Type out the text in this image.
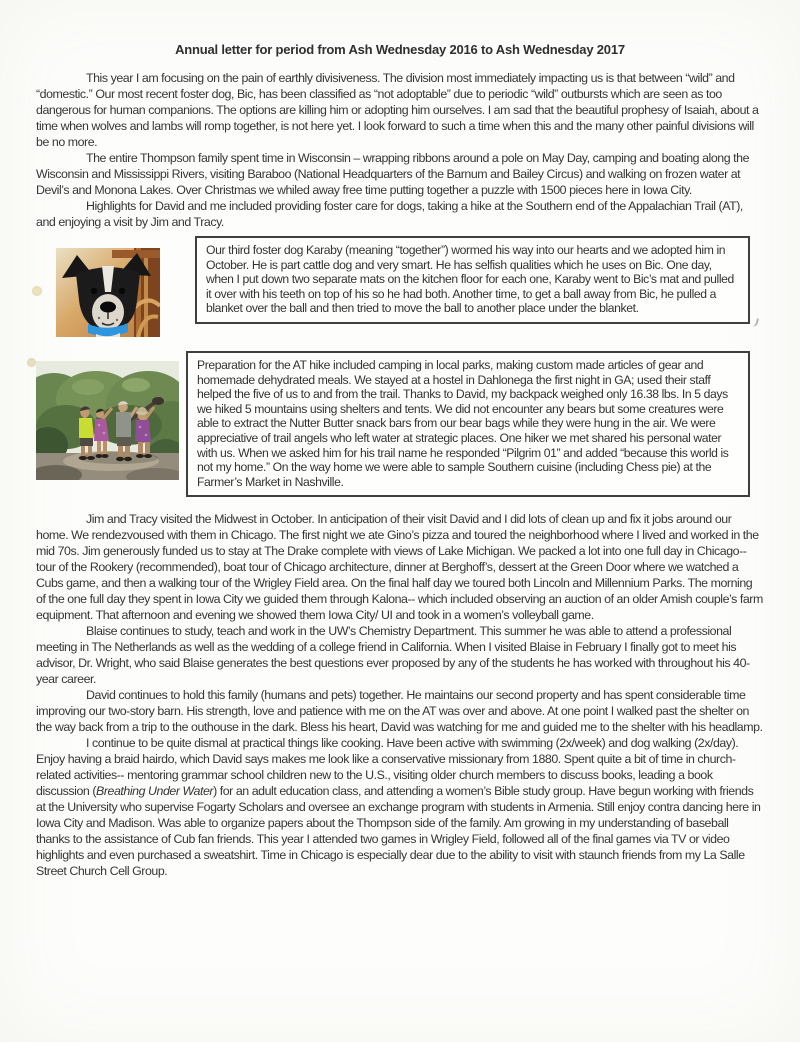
Annual letter for period from Ash Wednesday 2016 to Ash Wednesday 2017

This year I am focusing on the pain of earthly divisiveness. The division most immediately impacting us is that between “wild” and “domestic.” Our most recent foster dog, Bic, has been classified as “not adoptable” due to periodic “wild” outbursts which are seen as too dangerous for human companions. The options are killing him or adopting him ourselves. I am sad that the beautiful prophesy of Isaiah, about a time when wolves and lambs will romp together, is not here yet. I look forward to such a time when this and the many other painful divisions will be no more.

The entire Thompson family spent time in Wisconsin – wrapping ribbons around a pole on May Day, camping and boating along the Wisconsin and Mississippi Rivers, visiting Baraboo (National Headquarters of the Barnum and Bailey Circus) and walking on frozen water at Devil’s and Monona Lakes. Over Christmas we whiled away free time putting together a puzzle with 1500 pieces here in Iowa City.

Highlights for David and me included providing foster care for dogs, taking a hike at the Southern end of the Appalachian Trail (AT), and enjoying a visit by Jim and Tracy.

Our third foster dog Karaby (meaning “together”) wormed his way into our hearts and we adopted him in October. He is part cattle dog and very smart. He has selfish qualities which he uses on Bic. One day, when I put down two separate mats on the kitchen floor for each one, Karaby went to Bic’s mat and pulled it over with his teeth on top of his so he had both. Another time, to get a ball away from Bic, he pulled a blanket over the ball and then tried to move the ball to another place under the blanket.

Preparation for the AT hike included camping in local parks, making custom made articles of gear and homemade dehydrated meals. We stayed at a hostel in Dahlonega the first night in GA; used their staff helped the five of us to and from the trail. Thanks to David, my backpack weighed only 16.38 lbs. In 5 days we hiked 5 mountains using shelters and tents. We did not encounter any bears but some creatures were able to extract the Nutter Butter snack bars from our bear bags while they were hung in the air. We were appreciative of trail angels who left water at strategic places. One hiker we met shared his personal water with us. When we asked him for his trail name he responded “Pilgrim 01” and added “because this world is not my home.” On the way home we were able to sample Southern cuisine (including Chess pie) at the Farmer’s Market in Nashville.

Jim and Tracy visited the Midwest in October. In anticipation of their visit David and I did lots of clean up and fix it jobs around our home. We rendezvoused with them in Chicago. The first night we ate Gino’s pizza and toured the neighborhood where I lived and worked in the mid 70s. Jim generously funded us to stay at The Drake complete with views of Lake Michigan. We packed a lot into one full day in Chicago-- tour of the Rookery (recommended), boat tour of Chicago architecture, dinner at Berghoff’s, dessert at the Green Door where we watched a Cubs game, and then a walking tour of the Wrigley Field area. On the final half day we toured both Lincoln and Millennium Parks. The morning of the one full day they spent in Iowa City we guided them through Kalona-- which included observing an auction of an older Amish couple’s farm equipment. That afternoon and evening we showed them Iowa City/ UI and took in a women’s volleyball game.

Blaise continues to study, teach and work in the UW’s Chemistry Department. This summer he was able to attend a professional meeting in The Netherlands as well as the wedding of a college friend in California. When I visited Blaise in February I finally got to meet his advisor, Dr. Wright, who said Blaise generates the best questions ever proposed by any of the students he has worked with throughout his 40-year career.

David continues to hold this family (humans and pets) together. He maintains our second property and has spent considerable time improving our two-story barn. His strength, love and patience with me on the AT was over and above. At one point I walked past the shelter on the way back from a trip to the outhouse in the dark. Bless his heart, David was watching for me and guided me to the shelter with his headlamp.

I continue to be quite dismal at practical things like cooking. Have been active with swimming (2x/week) and dog walking (2x/day). Enjoy having a braid hairdo, which David says makes me look like a conservative missionary from 1880. Spent quite a bit of time in church-related activities-- mentoring grammar school children new to the U.S., visiting older church members to discuss books, leading a book discussion (Breathing Under Water) for an adult education class, and attending a women’s Bible study group. Have begun working with friends at the University who supervise Fogarty Scholars and oversee an exchange program with students in Armenia. Still enjoy contra dancing here in Iowa City and Madison. Was able to organize papers about the Thompson side of the family. Am growing in my understanding of baseball thanks to the assistance of Cub fan friends. This year I attended two games in Wrigley Field, followed all of the final games via TV or video highlights and even purchased a sweatshirt. Time in Chicago is especially dear due to the ability to visit with staunch friends from my La Salle Street Church Cell Group.
